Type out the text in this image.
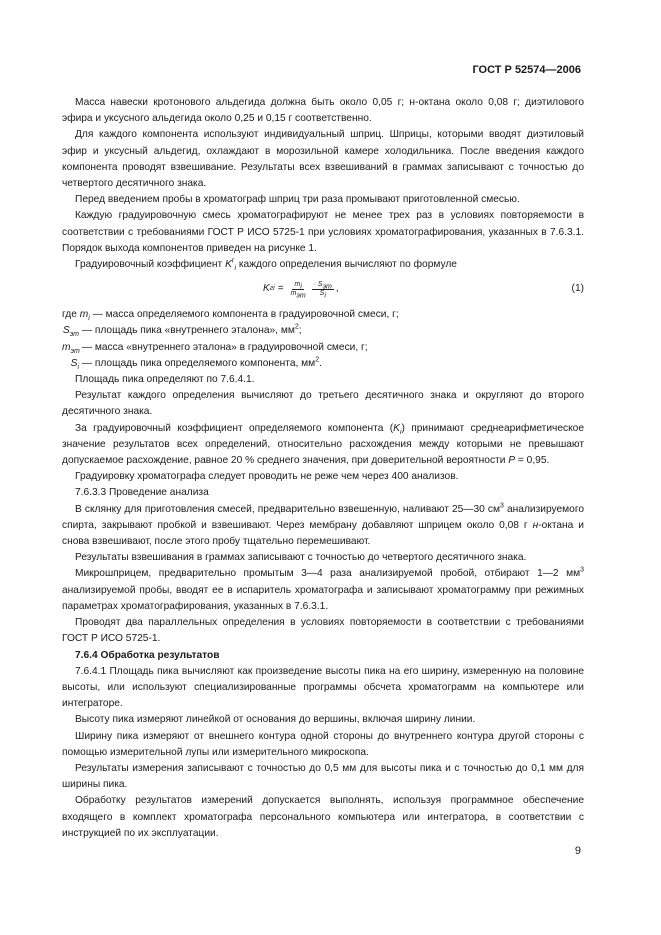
ГОСТ Р 52574—2006

Масса навески кротонового альдегида должна быть около 0,05 г; н-октана около 0,08 г; диэтилового эфира и уксусного альдегида около 0,25 и 0,15 г соответственно.

Для каждого компонента используют индивидуальный шприц. Шприцы, которыми вводят диэтиловый эфир и уксусный альдегид, охлаждают в морозильной камере холодильника. После введения каждого компонента проводят взвешивание. Результаты всех взвешиваний в граммах записывают с точностью до четвертого десятичного знака.

Перед введением пробы в хроматограф шприц три раза промывают приготовленной смесью.

Каждую градуировочную смесь хроматографируют не менее трех раз в условиях повторяемости в соответствии с требованиями ГОСТ Р ИСО 5725-1 при условиях хроматографирования, указанных в 7.6.3.1. Порядок выхода компонентов приведен на рисунке 1.

Градуировочный коэффициент $K^г_i$ каждого определения вычисляют по формуле

K г $i = \frac{m_i}{m_{эт}} \frac{\cdot S_{эт}}{S_i}$ ,	(1)
где $m_i$ — масса определяемого компонента в градуировочной смеси, г;
$S_{эт}$ — площадь пика «внутреннего эталона», $мм^2$;
$m_{эт}$ — масса «внутреннего эталона» в градуировочной смеси, г;
$S_i$ — площадь пика определяемого компонента, $мм^2$.

Площадь пика определяют по 7.6.4.1.

Результат каждого определения вычисляют до третьего десятичного знака и округляют до второго десятичного знака.

За градуировочный коэффициент определяемого компонента $(K_i)$ принимают среднеарифметическое значение результатов всех определений, относительно расхождения между которыми не превышают допускаемое расхождение, равное 20 % среднего значения, при доверительной вероятности P = 0,95.

Градуировку хроматографа следует проводить не реже чем через 400 анализов.

7.6.3.3 Проведение анализа

В склянку для приготовления смесей, предварительно взвешенную, наливают 25—30 $см^3$ анализируемого спирта, закрывают пробкой и взвешивают. Через мембрану добавляют шприцем около 0,08 г н-октана и снова взвешивают, после этого пробу тщательно перемешивают.

Результаты взвешивания в граммах записывают с точностью до четвертого десятичного знака.

Микрошприцем, предварительно промытым 3—4 раза анализируемой пробой, отбирают 1—2 $мм^3$ анализируемой пробы, вводят ее в испаритель хроматографа и записывают хроматограмму при режимных параметрах хроматографирования, указанных в 7.6.3.1.

Проводят два параллельных определения в условиях повторяемости в соответствии с требованиями ГОСТ Р ИСО 5725-1.

7.6.4 Обработка результатов

7.6.4.1 Площадь пика вычисляют как произведение высоты пика на его ширину, измеренную на половине высоты, или используют специализированные программы обсчета хроматограмм на компьютере или интеграторе.

Высоту пика измеряют линейкой от основания до вершины, включая ширину линии.

Ширину пика измеряют от внешнего контура одной стороны до внутреннего контура другой стороны с помощью измерительной лупы или измерительного микроскопа.

Результаты измерения записывают с точностью до 0,5 мм для высоты пика и с точностью до 0,1 мм для ширины пика.

Обработку результатов измерений допускается выполнять, используя программное обеспечение входящего в комплект хроматографа персонального компьютера или интегратора, в соответствии с инструкцией по их эксплуатации.

9
